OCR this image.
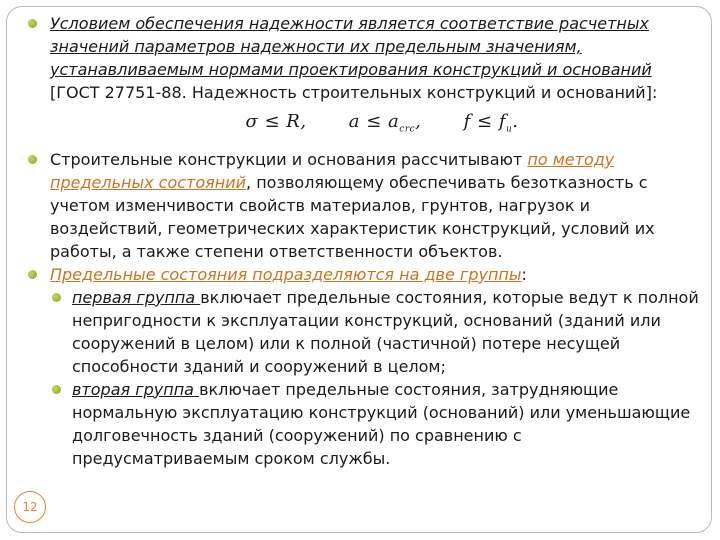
Условием обеспечения надежности является соответствие расчетных значений параметров надежности их предельным значениям, устанавливаемым нормами проектирования конструкций и оснований [ГОСТ 27751-88. Надежность строительных конструкций и оснований]:
σ ≤ R, $a \le a_{crc}$, $f \le f_u$.
Строительные конструкции и основания рассчитывают по методу предельных состояний, позволяющему обеспечивать безотказность с учетом изменчивости свойств материалов, грунтов, нагрузок и воздействий, геометрических характеристик конструкций, условий их работы, а также степени ответственности объектов.
Предельные состояния подразделяются на две группы:
первая группа включает предельные состояния, которые ведут к полной непригодности к эксплуатации конструкций, оснований (зданий или сооружений в целом) или к полной (частичной) потере несущей способности зданий и сооружений в целом;
вторая группа включает предельные состояния, затрудняющие нормальную эксплуатацию конструкций (оснований) или уменьшающие долговечность зданий (сооружений) по сравнению с предусматриваемым сроком службы.
12
